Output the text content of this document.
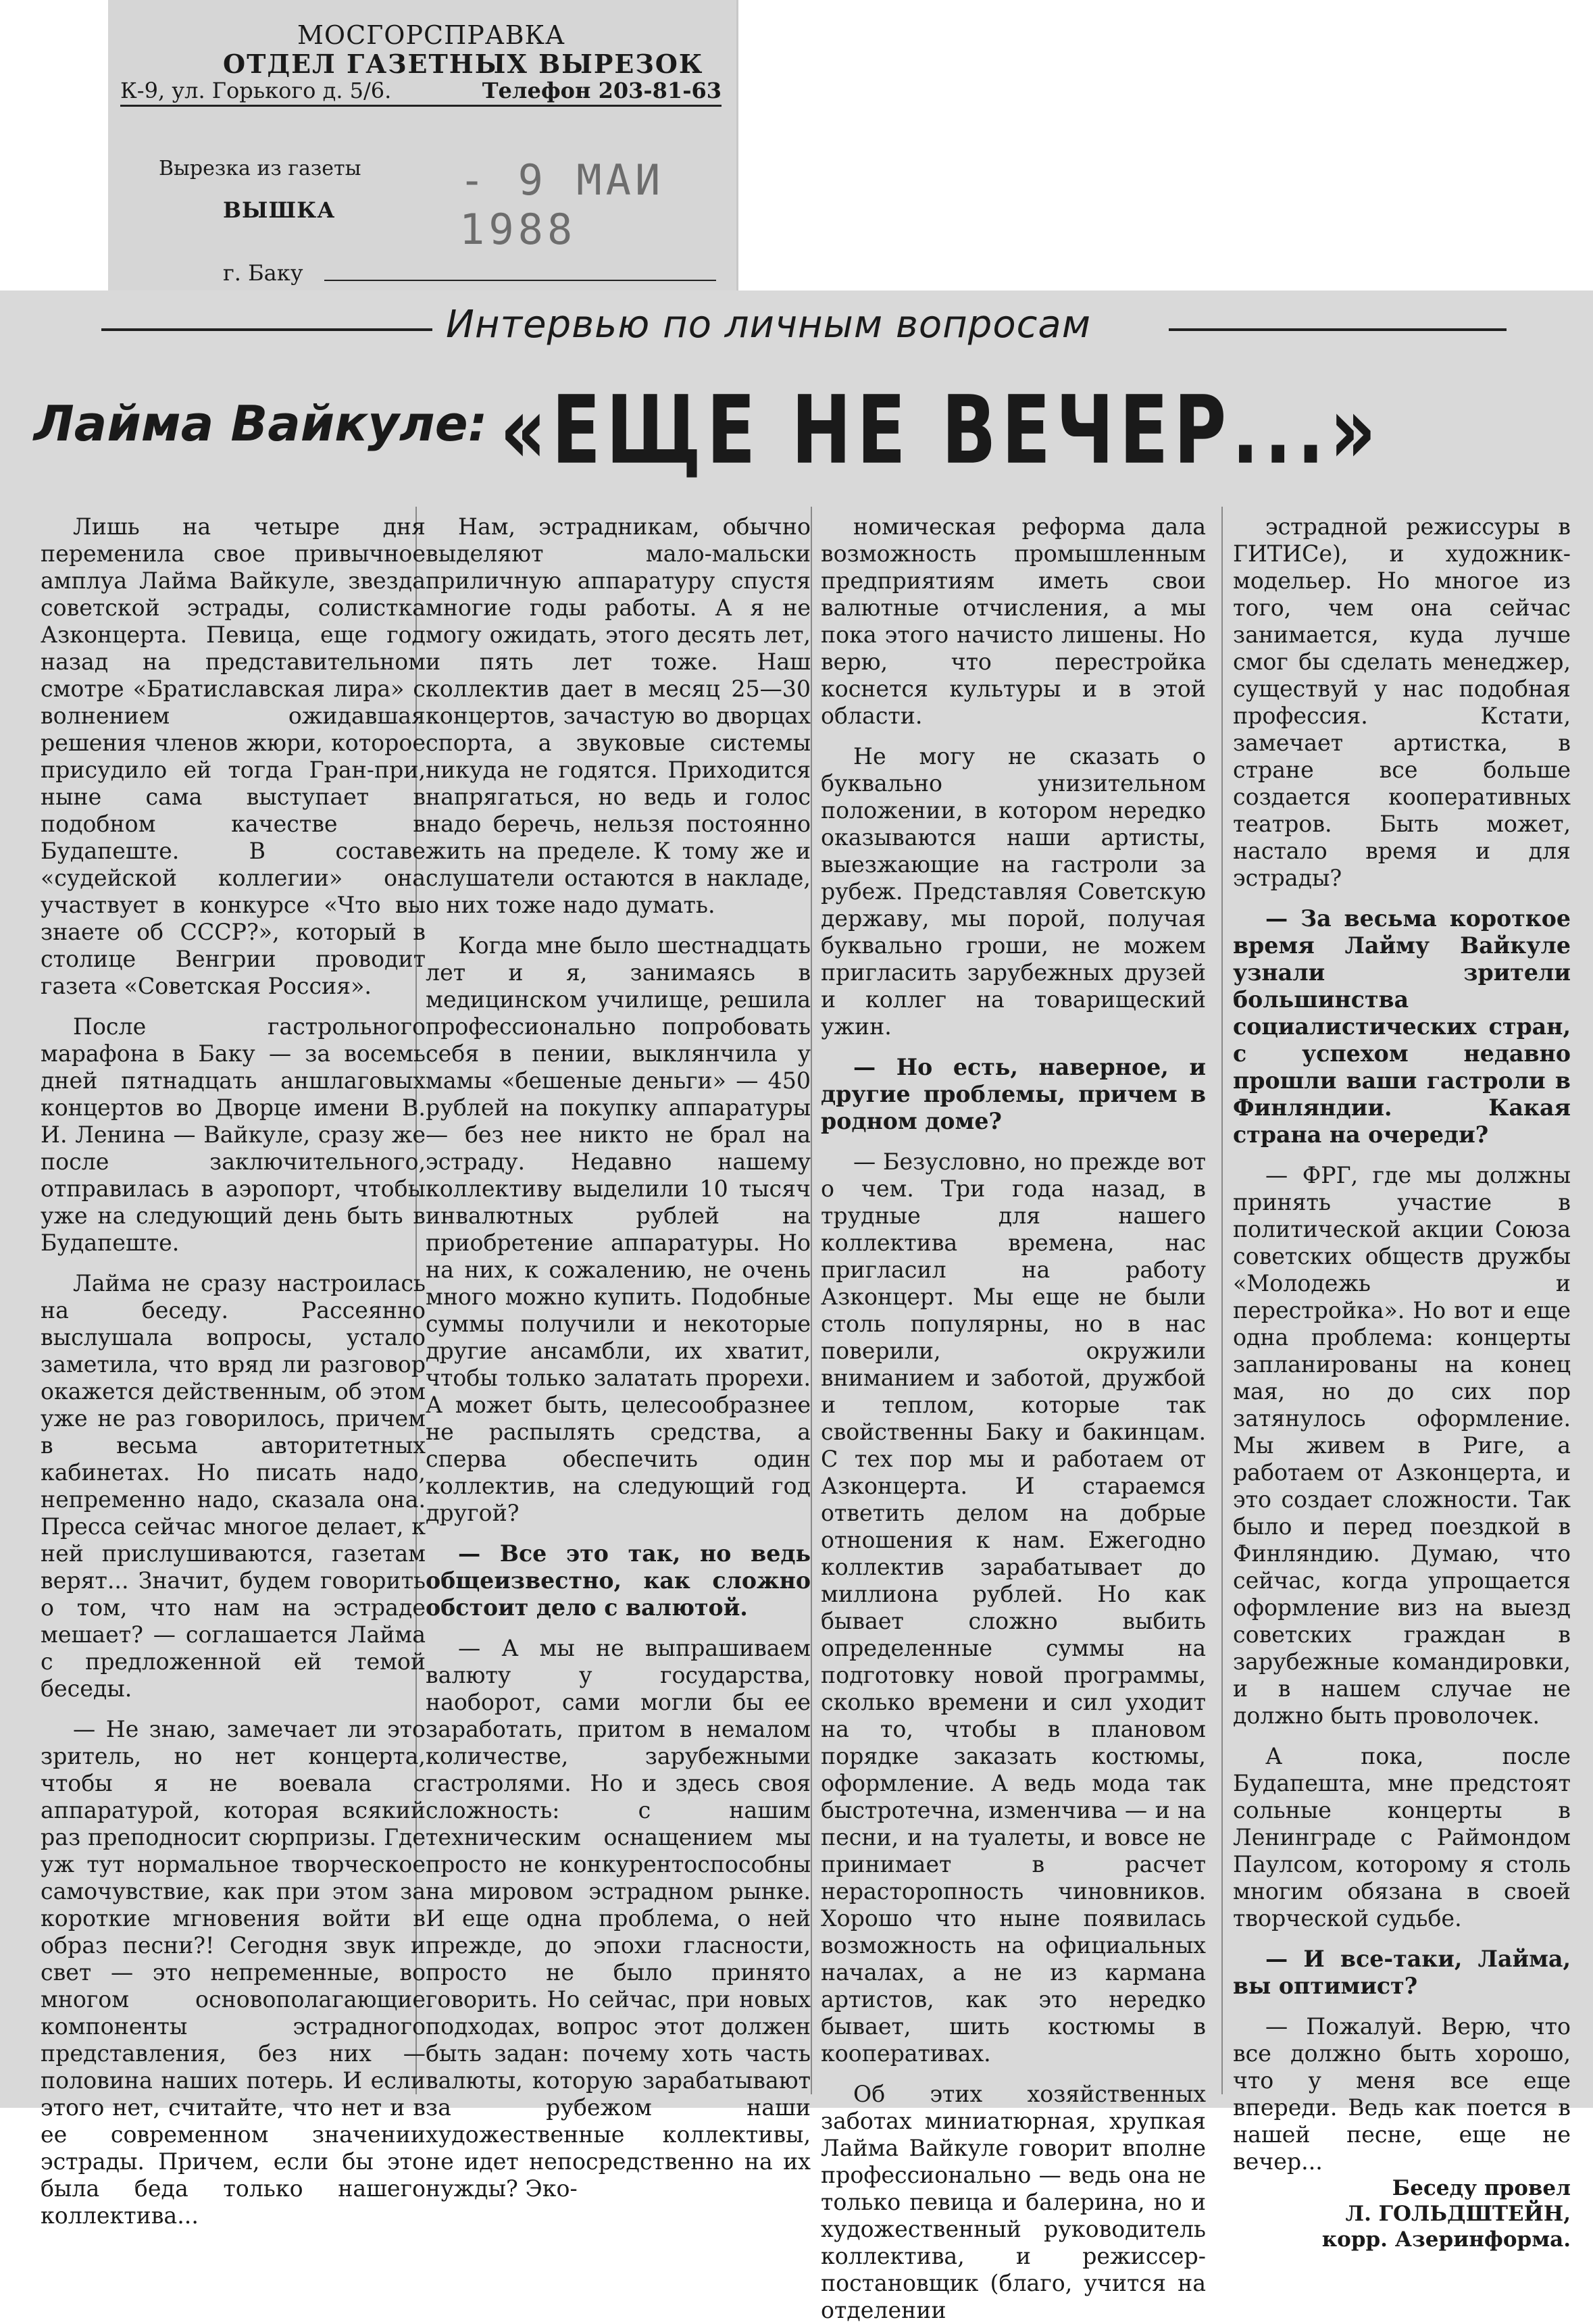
МОСГОРСПРАВКА
ОТДЕЛ ГАЗЕТНЫХ ВЫРЕЗОК
К-9, ул. Горького д. 5/6.	Телефон 203-81-63
Вырезка из газеты
ВЫШКА
- 9 МАИ 1988
г. Баку
Интервью по личным вопросам
Лайма Вайкуле: «ЕЩЕ НЕ ВЕЧЕР...»

Лишь на четыре дня переменила свое привычное амплуа Лайма Вайкуле, звезда советской эстрады, солистка Азконцерта. Певица, еще год назад на представительном смотре «Братиславская лира» с волнением ожидавшая решения членов жюри, которое присудило ей тогда Гран-при, ныне сама выступает в подобном качестве в Будапеште. В составе «судейской коллегии» она участвует в конкурсе «Что вы знаете об СССР?», который в столице Венгрии проводит газета «Советская Россия».

После гастрольного марафона в Баку — за восемь дней пятнадцать аншлаговых концертов во Дворце имени В. И. Ленина — Вайкуле, сразу же после заключительного, отправилась в аэропорт, чтобы уже на следующий день быть в Будапеште.

Лайма не сразу настроилась на беседу. Рассеянно выслушала вопросы, устало заметила, что вряд ли разговор окажется действенным, об этом уже не раз говорилось, причем в весьма авторитетных кабинетах. Но писать надо, непременно надо, сказала она. Пресса сейчас многое делает, к ней прислушиваются, газетам верят... Значит, будем говорить о том, что нам на эстраде мешает? — соглашается Лайма с предложенной ей темой беседы.

— Не знаю, замечает ли это зритель, но нет концерта, чтобы я не воевала с аппаратурой, которая всякий раз преподносит сюрпризы. Где уж тут нормальное творческое самочувствие, как при этом за короткие мгновения войти в образ песни?! Сегодня звук и свет — это непременные, во многом основополагающие компоненты эстрадного представления, без них — половина наших потерь. И если этого нет, считайте, что нет и в ее современном значении эстрады. Причем, если бы это была беда только нашего коллектива...

Нам, эстрадникам, обычно выделяют мало-мальски приличную аппаратуру спустя многие годы работы. А я не могу ожидать, этого десять лет, и пять лет тоже. Наш коллектив дает в месяц 25—30 концертов, зачастую во дворцах спорта, а звуковые системы никуда не годятся. Приходится напрягаться, но ведь и голос надо беречь, нельзя постоянно жить на пределе. К тому же и слушатели остаются в накладе, о них тоже надо думать.

Когда мне было шестнадцать лет и я, занимаясь в медицинском училище, решила профессионально попробовать себя в пении, выклянчила у мамы «бешеные деньги» — 450 рублей на покупку аппаратуры — без нее никто не брал на эстраду. Недавно нашему коллективу выделили 10 тысяч инвалютных рублей на приобретение аппаратуры. Но на них, к сожалению, не очень много можно купить. Подобные суммы получили и некоторые другие ансамбли, их хватит, чтобы только залатать прорехи. А может быть, целесообразнее не распылять средства, а сперва обеспечить один коллектив, на следующий год другой?

— Все это так, но ведь общеизвестно, как сложно обстоит дело с валютой.

— А мы не выпрашиваем валюту у государства, наоборот, сами могли бы ее заработать, притом в немалом количестве, зарубежными гастролями. Но и здесь своя сложность: с нашим техническим оснащением мы просто не конкурентоспособны на мировом эстрадном рынке. И еще одна проблема, о ней прежде, до эпохи гласности, просто не было принято говорить. Но сейчас, при новых подходах, вопрос этот должен быть задан: почему хоть часть валюты, которую зарабатывают за рубежом наши художественные коллективы, не идет непосредственно на их нужды? Эко-

номическая реформа дала возможность промышленным предприятиям иметь свои валютные отчисления, а мы пока этого начисто лишены. Но верю, что перестройка коснется культуры и в этой области.

Не могу не сказать о буквально унизительном положении, в котором нередко оказываются наши артисты, выезжающие на гастроли за рубеж. Представляя Советскую державу, мы порой, получая буквально гроши, не можем пригласить зарубежных друзей и коллег на товарищеский ужин.

— Но есть, наверное, и другие проблемы, причем в родном доме?

— Безусловно, но прежде вот о чем. Три года назад, в трудные для нашего коллектива времена, нас пригласил на работу Азконцерт. Мы еще не были столь популярны, но в нас поверили, окружили вниманием и заботой, дружбой и теплом, которые так свойственны Баку и бакинцам. С тех пор мы и работаем от Азконцерта. И стараемся ответить делом на добрые отношения к нам. Ежегодно коллектив зарабатывает до миллиона рублей. Но как бывает сложно выбить определенные суммы на подготовку новой программы, сколько времени и сил уходит на то, чтобы в плановом порядке заказать костюмы, оформление. А ведь мода так быстротечна, изменчива — и на песни, и на туалеты, и вовсе не принимает в расчет нерасторопность чиновников. Хорошо что ныне появилась возможность на официальных началах, а не из кармана артистов, как это нередко бывает, шить костюмы в кооперативах.

Об этих хозяйственных заботах миниатюрная, хрупкая Лайма Вайкуле говорит вполне профессионально — ведь она не только певица и балерина, но и художественный руководитель коллектива, и режиссер-постановщик (благо, учится на отделении

эстрадной режиссуры в ГИТИСе), и художник-модельер. Но многое из того, чем она сейчас занимается, куда лучше смог бы сделать менеджер, существуй у нас подобная профессия. Кстати, замечает артистка, в стране все больше создается кооперативных театров. Быть может, настало время и для эстрады?

— За весьма короткое время Лайму Вайкуле узнали зрители большинства социалистических стран, с успехом недавно прошли ваши гастроли в Финляндии. Какая страна на очереди?

— ФРГ, где мы должны принять участие в политической акции Союза советских обществ дружбы «Молодежь и перестройка». Но вот и еще одна проблема: концерты запланированы на конец мая, но до сих пор затянулось оформление. Мы живем в Риге, а работаем от Азконцерта, и это создает сложности. Так было и перед поездкой в Финляндию. Думаю, что сейчас, когда упрощается оформление виз на выезд советских граждан в зарубежные командировки, и в нашем случае не должно быть проволочек.

А пока, после Будапешта, мне предстоят сольные концерты в Ленинграде с Раймондом Паулсом, которому я столь многим обязана в своей творческой судьбе.

— И все-таки, Лайма, вы оптимист?

— Пожалуй. Верю, что все должно быть хорошо, что у меня все еще впереди. Ведь как поется в нашей песне, еще не вечер...

Беседу провел

Л. ГОЛЬДШТЕЙН,

корр. Азеринформа.
